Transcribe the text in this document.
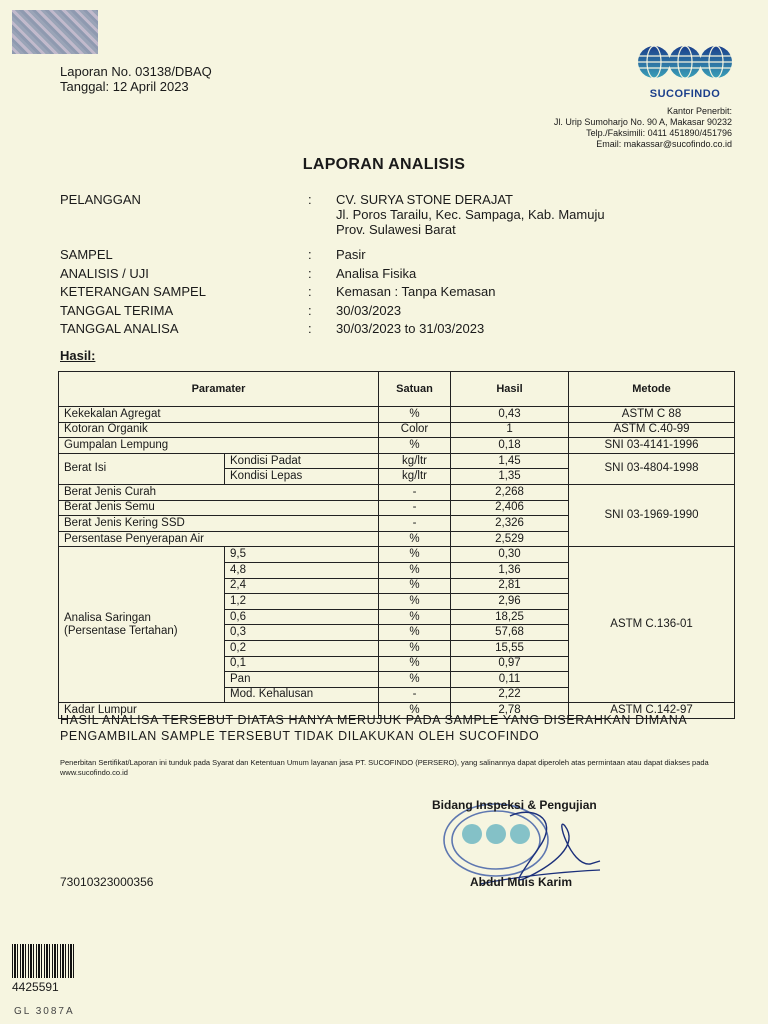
Laporan No. 03138/DBAQ
Tanggal: 12 April 2023	SUCOFINDO
Kantor Penerbit:
Jl. Urip Sumoharjo No. 90 A, Makasar 90232
Telp./Faksimili: 0411 451890/451796
Email: makassar@sucofindo.co.id
LAPORAN ANALISIS
PELANGGAN	:	CV. SURYA STONE DERAJAT
Jl. Poros Tarailu, Kec. Sampaga, Kab. Mamuju
Prov. Sulawesi Barat
SAMPEL	:	Pasir
ANALISIS / UJI	:	Analisa Fisika
KETERANGAN SAMPEL	:	Kemasan : Tanpa Kemasan
TANGGAL TERIMA	:	30/03/2023
TANGGAL ANALISA	:	30/03/2023 to 31/03/2023
Hasil:
Paramater		Satuan	Hasil	Metode
Kekekalan Agregat		%	0,43	ASTM C 88
Kotoran Organik		Color	1	ASTM C.40-99
Gumpalan Lempung		%	0,18	SNI 03-4141-1996
Berat Isi	Kondisi Padat	kg/ltr	1,45	SNI 03-4804-1998
	Kondisi Lepas	kg/ltr	1,35	
Berat Jenis Curah		-	2,268	SNI 03-1969-1990
Berat Jenis Semu		-	2,406	
Berat Jenis Kering SSD		-	2,326	
Persentase Penyerapan Air		%	2,529	

Analisa Saringan
(Persentase Tertahan)	9,5	%	0,30	ASTM C.136-01
	4,8	%	1,36	
	2,4	%	2,81	
	1,2	%	2,96	
	0,6	%	18,25	
	0,3	%	57,68	
	0,2	%	15,55	
	0,1	%	0,97	
	Pan	%	0,11	
	Mod. Kehalusan	-	2,22	
Kadar Lumpur		%	2,78	ASTM C.142-97
HASIL ANALISA TERSEBUT DIATAS HANYA MERUJUK PADA SAMPLE YANG DISERAHKAN DIMANA PENGAMBILAN SAMPLE TERSEBUT TIDAK DILAKUKAN OLEH SUCOFINDO
Penerbitan Sertifikat/Laporan ini tunduk pada Syarat dan Ketentuan Umum layanan jasa PT. SUCOFINDO (PERSERO), yang salinannya dapat diperoleh atas permintaan atau dapat diakses pada www.sucofindo.co.id
Bidang Inspeksi & Pengujian
Abdul Muis Karim
73010323000356
4425591
GL 3087A
